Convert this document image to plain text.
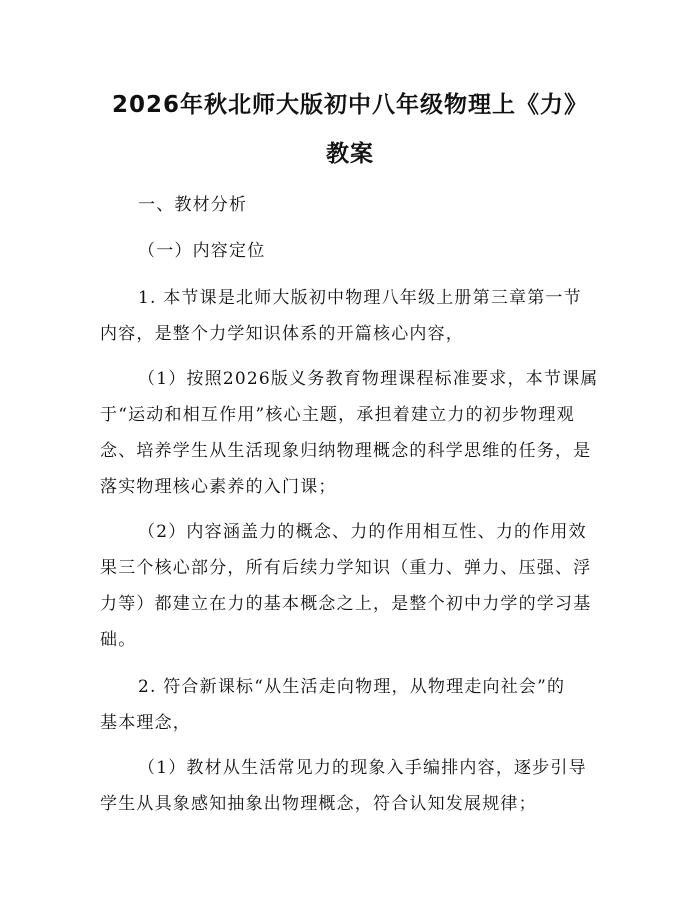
2026年秋北师大版初中八年级物理上《力》
教案
一、教材分析
（一）内容定位
1. 本节课是北师大版初中物理八年级上册第三章第一节
内容，是整个力学知识体系的开篇核心内容，
（1）按照2026版义务教育物理课程标准要求，本节课属
于“运动和相互作用”核心主题，承担着建立力的初步物理观
念、培养学生从生活现象归纳物理概念的科学思维的任务，是
落实物理核心素养的入门课；
（2）内容涵盖力的概念、力的作用相互性、力的作用效
果三个核心部分，所有后续力学知识（重力、弹力、压强、浮
力等）都建立在力的基本概念之上，是整个初中力学的学习基
础。
2. 符合新课标“从生活走向物理，从物理走向社会”的
基本理念，
（1）教材从生活常见力的现象入手编排内容，逐步引导
学生从具象感知抽象出物理概念，符合认知发展规律；
